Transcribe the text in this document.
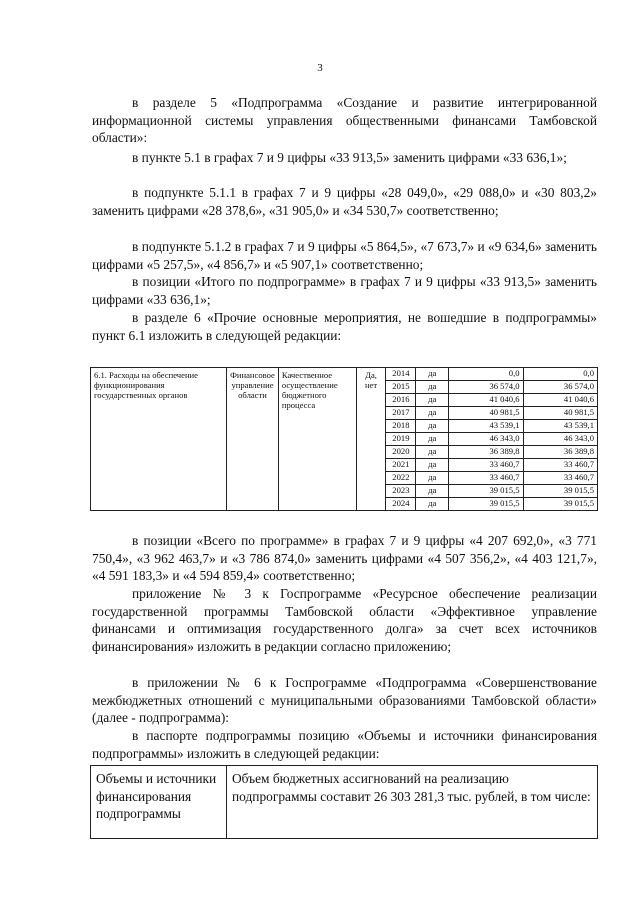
3
в разделе 5 «Подпрограмма «Создание и развитие интегрированной информационной системы управления общественными финансами Тамбовской области»:
в пункте 5.1 в графах 7 и 9 цифры «33 913,5» заменить цифрами «33 636,1»;
в подпункте 5.1.1 в графах 7 и 9 цифры «28 049,0», «29 088,0» и «30 803,2» заменить цифрами «28 378,6», «31 905,0» и «34 530,7» соответственно;
в подпункте 5.1.2 в графах 7 и 9 цифры «5 864,5», «7 673,7» и «9 634,6» заменить цифрами «5 257,5», «4 856,7» и «5 907,1» соответственно;
в позиции «Итого по подпрограмме» в графах 7 и 9 цифры «33 913,5» заменить цифрами «33 636,1»;
в разделе 6 «Прочие основные мероприятия, не вошедшие в подпрограммы» пункт 6.1 изложить в следующей редакции:
6.1. Расходы на обеспечение функционирования государственных органов	Финансовое управление области	Качественное осуществление бюджетного процесса	Да, нет	2014	да	0,0	0,0
				2015	да	36 574,0	36 574,0
				2016	да	41 040,6	41 040,6
				2017	да	40 981,5	40 981,5
				2018	да	43 539,1	43 539,1
				2019	да	46 343,0	46 343,0
				2020	да	36 389,8	36 389,8
				2021	да	33 460,7	33 460,7
				2022	да	33 460,7	33 460,7
				2023	да	39 015,5	39 015,5
				2024	да	39 015,5	39 015,5
в позиции «Всего по программе» в графах 7 и 9 цифры «4 207 692,0», «3 771 750,4», «3 962 463,7» и «3 786 874,0» заменить цифрами «4 507 356,2», «4 403 121,7», «4 591 183,3» и «4 594 859,4» соответственно;
приложение № 3 к Госпрограмме «Ресурсное обеспечение реализации государственной программы Тамбовской области «Эффективное управление финансами и оптимизация государственного долга» за счет всех источников финансирования» изложить в редакции согласно приложению;
в приложении № 6 к Госпрограмме «Подпрограмма «Совершенствование межбюджетных отношений с муниципальными образованиями Тамбовской области» (далее - подпрограмма):
в паспорте подпрограммы позицию «Объемы и источники финансирования подпрограммы» изложить в следующей редакции:
Объемы и источники финансирования подпрограммы	Объем бюджетных ассигнований на реализацию подпрограммы составит 26 303 281,3 тыс. рублей, в том числе:
